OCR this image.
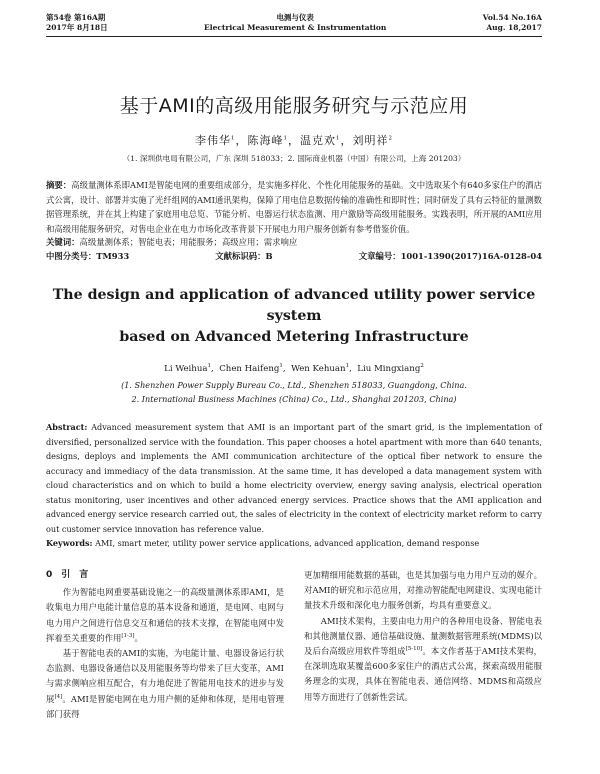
第54卷 第16A期
2017年 8月18日
电测与仪表
Electrical Measurement & Instrumentation
Vol.54 No.16A
Aug. 18,2017
基于AMI的高级用能服务研究与示范应用
李伟华$^1$，陈海峰$^1$，温克欢$^1$，刘明祥$^2$
（1. 深圳供电局有限公司，广东 深圳 518033；2. 国际商业机器（中国）有限公司，上海 201203）
摘要：高级量测体系即AMI是智能电网的重要组成部分，是实施多样化、个性化用能服务的基础。文中选取某个有640多家住户的酒店式公寓，设计、部署并实施了光纤组网的AMI通讯架构，保障了用电信息数据传输的准确性和即时性；同时研发了具有云特征的量测数据管理系统，并在其上构建了家庭用电总览、节能分析、电器运行状态监测、用户激励等高级用能服务。实践表明，所开展的AMI应用和高级用能服务研究，对售电企业在电力市场化改革背景下开展电力用户服务创新有参考借鉴价值。
关键词：高级量测体系；智能电表；用能服务；高级应用；需求响应
中图分类号：TM933	文献标识码：B	文章编号：1001-1390(2017)16A-0128-04
The design and application of advanced utility power service system
based on Advanced Metering Infrastructure
Li Weihua$^1$,  Chen Haifeng$^1$,  Wen Kehuan$^1$,  Liu Mingxiang$^2$
(1. Shenzhen Power Supply Bureau Co., Ltd., Shenzhen 518033, Guangdong, China.
2. International Business Machines (China) Co., Ltd., Shanghai 201203, China)
Abstract: Advanced measurement system that AMI is an important part of the smart grid, is the implementation of diversified, personalized service with the foundation. This paper chooses a hotel apartment with more than 640 tenants, designs, deploys and implements the AMI communication architecture of the optical fiber network to ensure the accuracy and immediacy of the data transmission. At the same time, it has developed a data management system with cloud characteristics and on which to build a home electricity overview, energy saving analysis, electrical operation status monitoring, user incentives and other advanced energy services. Practice shows that the AMI application and advanced energy service research carried out, the sales of electricity in the context of electricity market reform to carry out customer service innovation has reference value.
Keywords: AMI, smart meter, utility power service applications, advanced application, demand response
0　引　言

作为智能电网重要基础设施之一的高级量测体系即AMI，是收集电力用户电能计量信息的基本设备和通道，是电网、电网与电力用户之间进行信息交互和通信的技术支撑，在智能电网中发挥着至关重要的作用[1-3]。

基于智能电表的AMI的实施，为电能计量、电器设备运行状态监测、电器设备通信以及用能服务等均带来了巨大变革，AMI与需求侧响应相互配合，有力地促进了智能用电技术的进步与发展[4]。AMI是智能电网在电力用户侧的延伸和体现，是用电管理部门获得

更加精细用能数据的基础，也是其加强与电力用户互动的媒介。对AMI的研究和示范应用，对推动智能配电网建设、实现电能计量技术升级和深化电力服务创新，均具有重要意义。

AMI技术架构，主要由电力用户的各种用电设备、智能电表和其他测量仪器、通信基础设施、量测数据管理系统(MDMS)以及后台高级应用软件等组成[5-10]。本文作者基于AMI技术架构，在深圳选取某覆盖600多家住户的酒店式公寓，探索高级用能服务理念的实现，具体在智能电表、通信网络、MDMS和高级应用等方面进行了创新性尝试。
